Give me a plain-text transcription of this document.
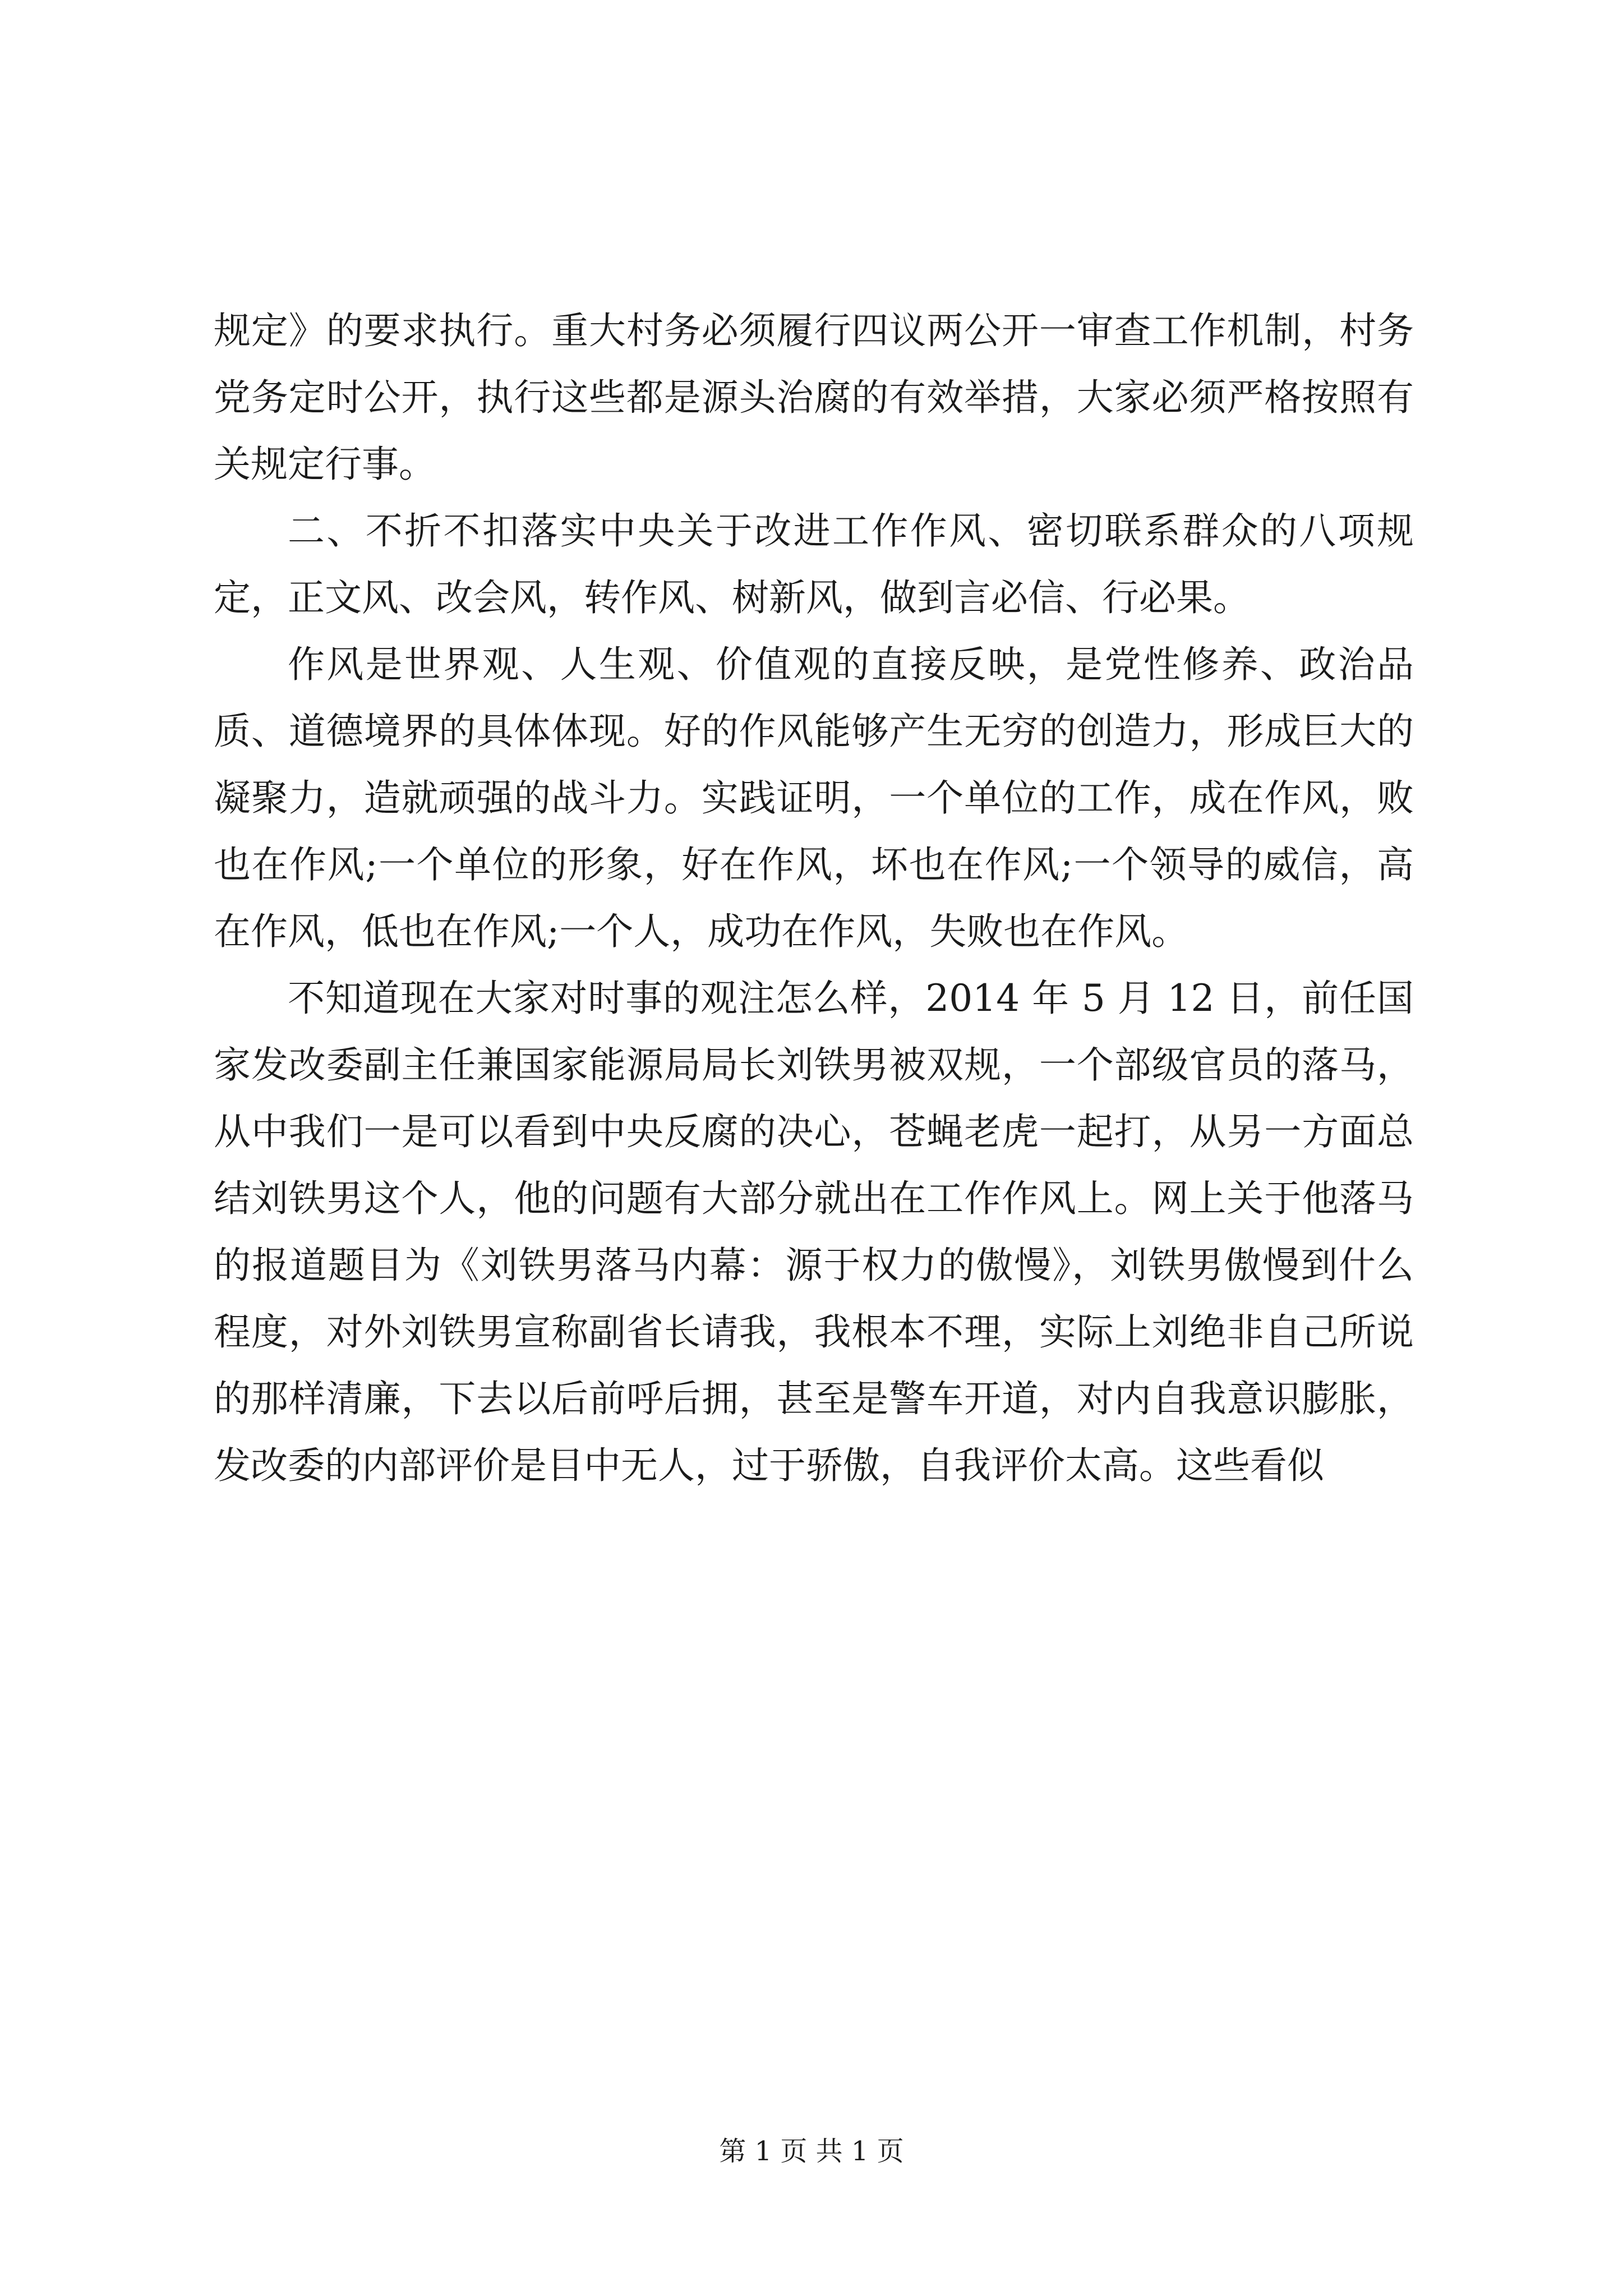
规定》的要求执行。重大村务必须履行四议两公开一审查工作机制，村务党务定时公开，执行这些都是源头治腐的有效举措，大家必须严格按照有关规定行事。

二、不折不扣落实中央关于改进工作作风、密切联系群众的八项规定，正文风、改会风，转作风、树新风，做到言必信、行必果。

作风是世界观、人生观、价值观的直接反映，是党性修养、政治品质、道德境界的具体体现。好的作风能够产生无穷的创造力，形成巨大的凝聚力，造就顽强的战斗力。实践证明，一个单位的工作，成在作风，败也在作风;一个单位的形象，好在作风，坏也在作风;一个领导的威信，高在作风，低也在作风;一个人，成功在作风，失败也在作风。

不知道现在大家对时事的观注怎么样，2014 年 5 月 12 日，前任国家发改委副主任兼国家能源局局长刘铁男被双规，一个部级官员的落马，从中我们一是可以看到中央反腐的决心，苍蝇老虎一起打，从另一方面总结刘铁男这个人，他的问题有大部分就出在工作作风上。网上关于他落马的报道题目为《刘铁男落马内幕：源于权力的傲慢》，刘铁男傲慢到什么程度，对外刘铁男宣称副省长请我，我根本不理，实际上刘绝非自己所说的那样清廉，下去以后前呼后拥，甚至是警车开道，对内自我意识膨胀，发改委的内部评价是目中无人，过于骄傲，自我评价太高。这些看似

第 1 页 共 1 页
